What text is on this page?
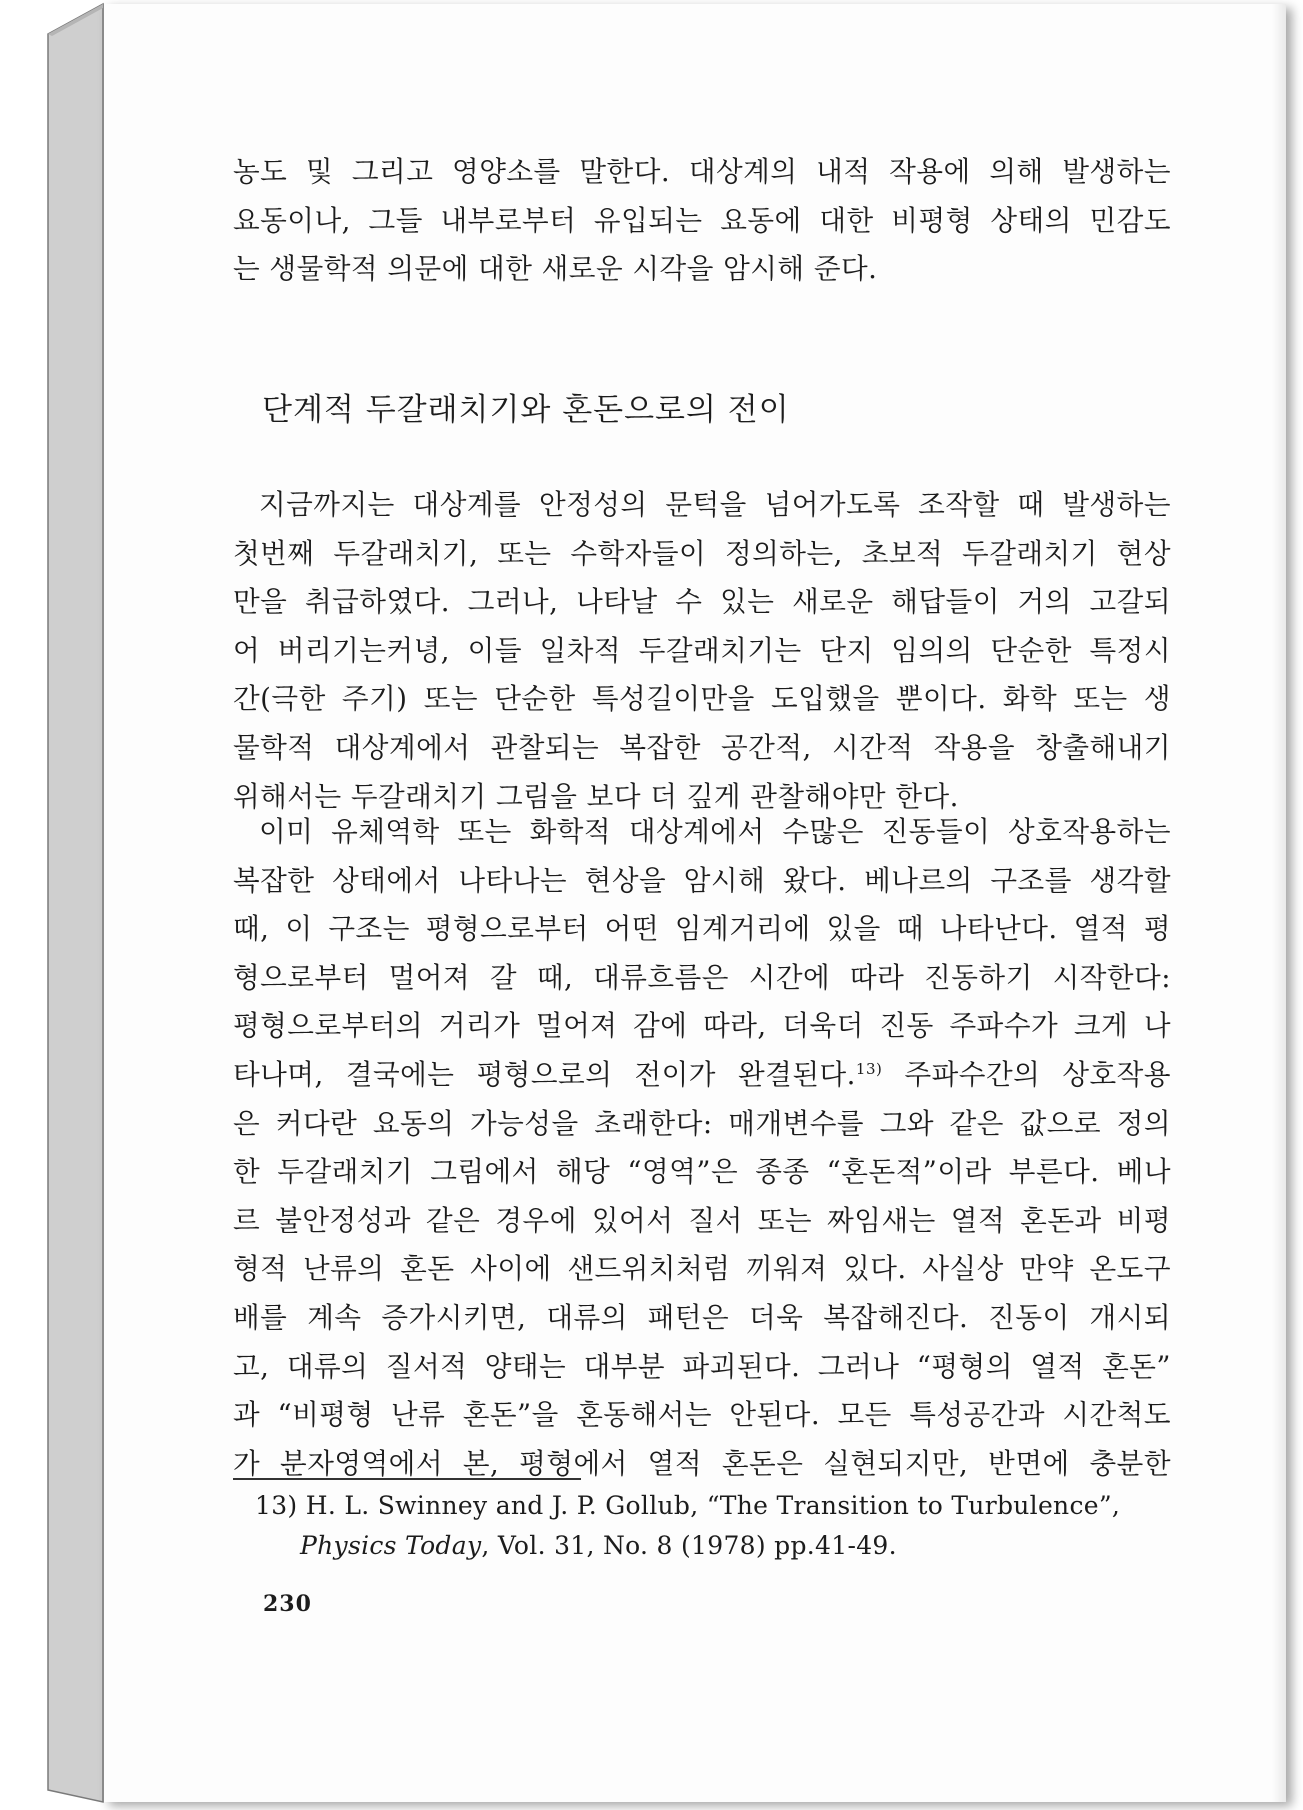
농도 및 그리고 영양소를 말한다. 대상계의 내적 작용에 의해 발생하는
요동이나, 그들 내부로부터 유입되는 요동에 대한 비평형 상태의 민감도
는 생물학적 의문에 대한 새로운 시각을 암시해 준다.
단계적 두갈래치기와 혼돈으로의 전이
지금까지는 대상계를 안정성의 문턱을 넘어가도록 조작할 때 발생하는
첫번째 두갈래치기, 또는 수학자들이 정의하는, 초보적 두갈래치기 현상
만을 취급하였다. 그러나, 나타날 수 있는 새로운 해답들이 거의 고갈되
어 버리기는커녕, 이들 일차적 두갈래치기는 단지 임의의 단순한 특정시
간(극한 주기) 또는 단순한 특성길이만을 도입했을 뿐이다. 화학 또는 생
물학적 대상계에서 관찰되는 복잡한 공간적, 시간적 작용을 창출해내기
위해서는 두갈래치기 그림을 보다 더 깊게 관찰해야만 한다.
이미 유체역학 또는 화학적 대상계에서 수많은 진동들이 상호작용하는
복잡한 상태에서 나타나는 현상을 암시해 왔다. 베나르의 구조를 생각할
때, 이 구조는 평형으로부터 어떤 임계거리에 있을 때 나타난다. 열적 평
형으로부터 멀어져 갈 때, 대류흐름은 시간에 따라 진동하기 시작한다:
평형으로부터의 거리가 멀어져 감에 따라, 더욱더 진동 주파수가 크게 나
타나며, 결국에는 평형으로의 전이가 완결된다.$^{13)}$ 주파수간의 상호작용
은 커다란 요동의 가능성을 초래한다: 매개변수를 그와 같은 값으로 정의
한 두갈래치기 그림에서 해당 “영역”은 종종 “혼돈적”이라 부른다. 베나
르 불안정성과 같은 경우에 있어서 질서 또는 짜임새는 열적 혼돈과 비평
형적 난류의 혼돈 사이에 샌드위치처럼 끼워져 있다. 사실상 만약 온도구
배를 계속 증가시키면, 대류의 패턴은 더욱 복잡해진다. 진동이 개시되
고, 대류의 질서적 양태는 대부분 파괴된다. 그러나 “평형의 열적 혼돈”
과 “비평형 난류 혼돈”을 혼동해서는 안된다. 모든 특성공간과 시간척도
가 분자영역에서 본, 평형에서 열적 혼돈은 실현되지만, 반면에 충분한
13) H. L. Swinney and J. P. Gollub, “The Transition to Turbulence”,
Physics Today, Vol. 31, No. 8 (1978) pp.41-49.
230
